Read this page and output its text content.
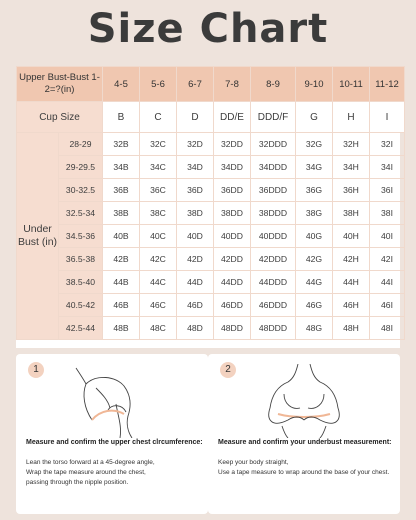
Size Chart
Upper Bust-Bust 1-2=?(in)		4-5	5-6	6-7	7-8	8-9	9-10	10-11	11-12
Cup Size		B	C	D	DD/E	DDD/F	G	H	I
Under Bust (in)	28-29	32B	32C	32D	32DD	32DDD	32G	32H	32I
	29-29.5	34B	34C	34D	34DD	34DDD	34G	34H	34I
	30-32.5	36B	36C	36D	36DD	36DDD	36G	36H	36I
	32.5-34	38B	38C	38D	38DD	38DDD	38G	38H	38I
	34.5-36	40B	40C	40D	40DD	40DDD	40G	40H	40I
	36.5-38	42B	42C	42D	42DD	42DDD	42G	42H	42I
	38.5-40	44B	44C	44D	44DD	44DDD	44G	44H	44I
	40.5-42	46B	46C	46D	46DD	46DDD	46G	46H	46I
	42.5-44	48B	48C	48D	48DD	48DDD	48G	48H	48I
1
Measure and confirm the upper chest clrcumference:
Lean the torso forward at a 45-degree angle,
Wrap the tape measure around the chest,
passing through the nipple position.
2
Measure and confirm your underbust measurement:
Keep your body straight,
Use a tape measure to wrap around the base of your chest.
